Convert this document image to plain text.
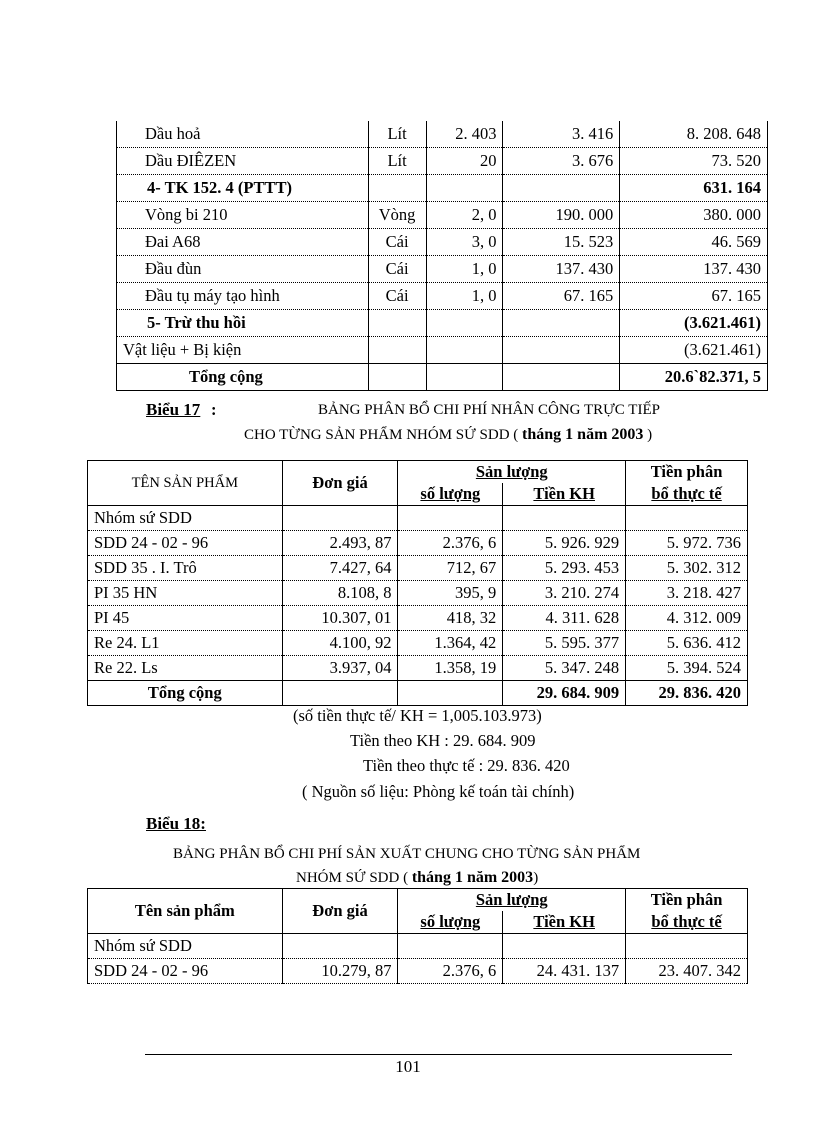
Dầu hoả	Lít	2. 403	3. 416	8. 208. 648
Dầu ĐIÊZEN	Lít	20	3. 676	73. 520
4- TK 152. 4 (PTTT)				631. 164
Vòng bi 210	Vòng	2, 0	190. 000	380. 000
Đai A68	Cái	3, 0	15. 523	46. 569
Đầu đùn	Cái	1, 0	137. 430	137. 430
Đầu tụ máy tạo hình	Cái	1, 0	67. 165	67. 165
5- Trừ thu hồi				(3.621.461)
Vật liệu + Bị kiện				(3.621.461)
Tổng cộng				20.6`82.371, 5
Biểu 17 :	BẢNG PHÂN BỔ CHI PHÍ NHÂN CÔNG TRỰC TIẾP
CHO TỪNG SẢN PHẨM NHÓM SỨ SDD ( tháng 1 năm 2003 )
TÊN SẢN PHẨM	Đơn giá	Sản lượng		Tiền phân
		số lượng	Tiền KH	bổ thực tế
Nhóm sứ SDD				
SDD 24 - 02 - 96	2.493, 87	2.376, 6	5. 926. 929	5. 972. 736
SDD 35 . I. Trô	7.427, 64	712, 67	5. 293. 453	5. 302. 312
PI 35 HN	8.108, 8	395, 9	3. 210. 274	3. 218. 427
PI 45	10.307, 01	418, 32	4. 311. 628	4. 312. 009
Re 24. L1	4.100, 92	1.364, 42	5. 595. 377	5. 636. 412
Re 22. Ls	3.937, 04	1.358, 19	5. 347. 248	5. 394. 524
Tổng cộng			29. 684. 909	29. 836. 420
(số tiền thực tế/ KH = 1,005.103.973)
Tiền theo KH : 29. 684. 909
Tiền theo thực tế : 29. 836. 420
( Nguồn số liệu: Phòng kế toán tài chính)
Biểu 18:
BẢNG PHÂN BỔ CHI PHÍ SẢN XUẤT CHUNG CHO TỪNG SẢN PHẨM
NHÓM SỨ SDD ( tháng 1 năm 2003)
Tên sản phẩm	Đơn giá	Sản lượng		Tiền phân
		số lượng	Tiền KH	bổ thực tế
Nhóm sứ SDD				
SDD 24 - 02 - 96	10.279, 87	2.376, 6	24. 431. 137	23. 407. 342
101
